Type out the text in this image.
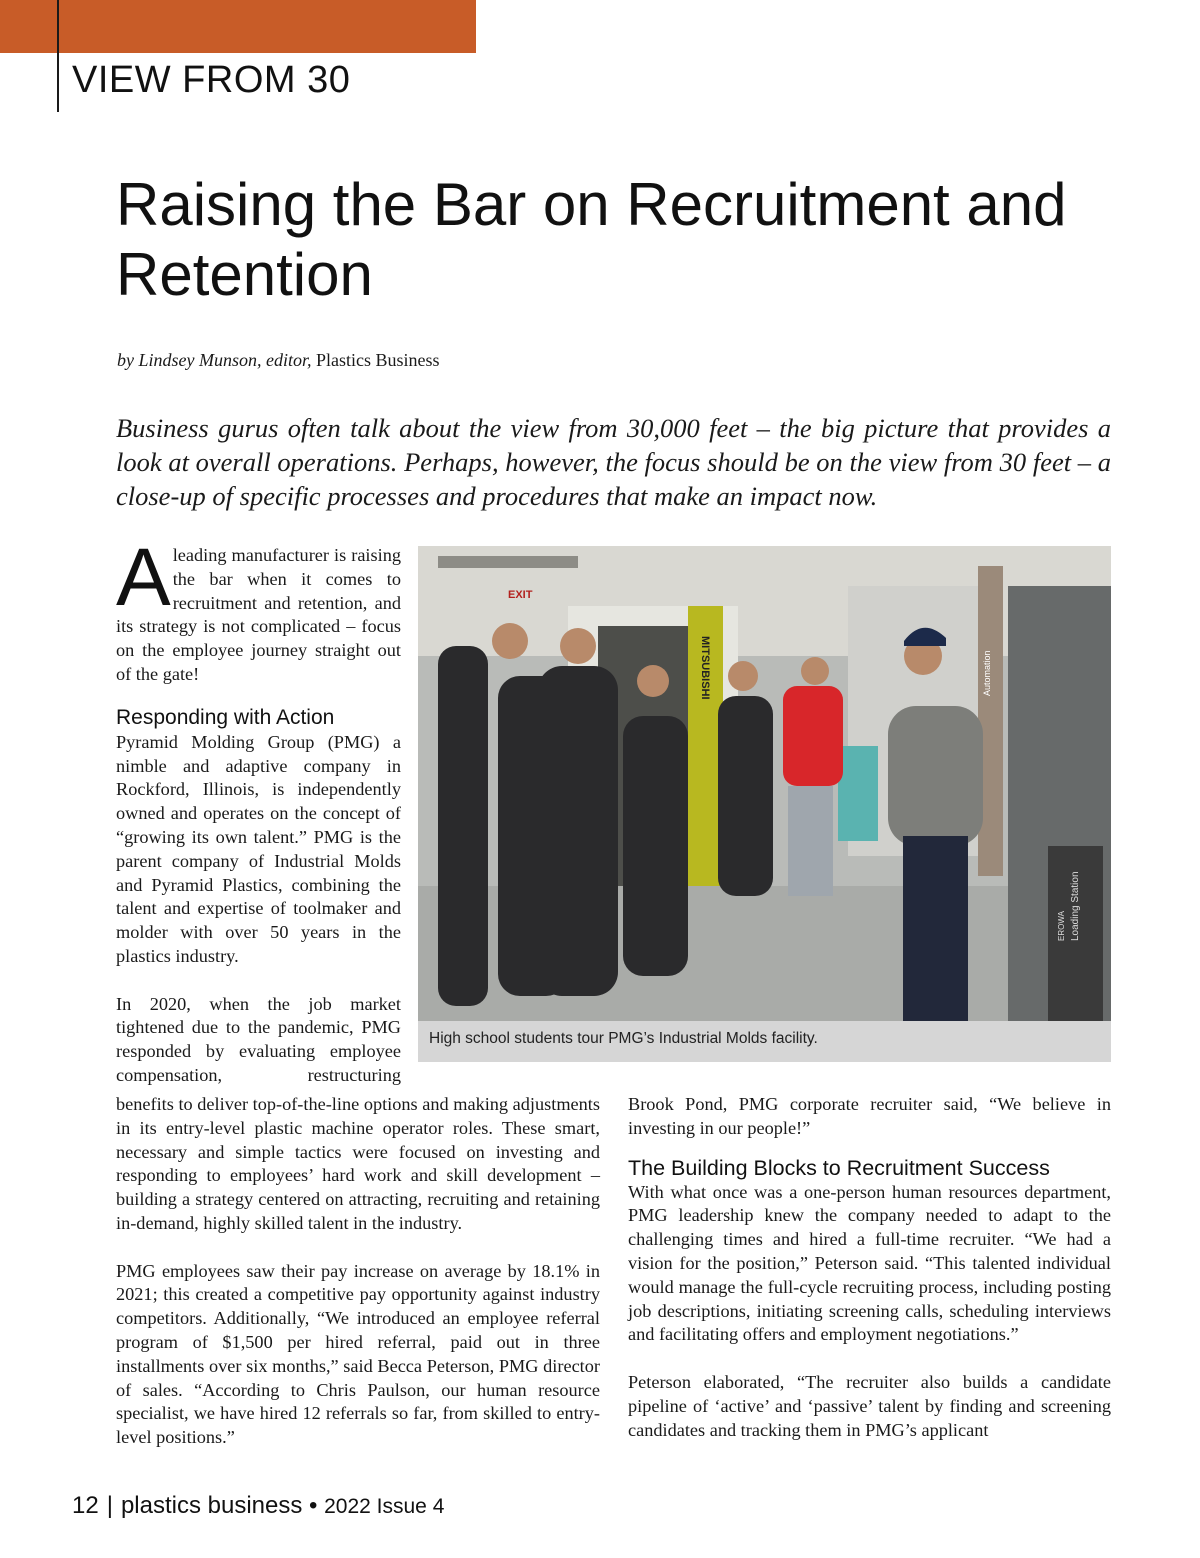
VIEW FROM 30
Raising the Bar on Recruitment and Retention

by Lindsey Munson, editor, Plastics Business

Business gurus often talk about the view from 30,000 feet – the big picture that provides a look at overall operations. Perhaps, however, the focus should be on the view from 30 feet – a close-up of specific processes and procedures that make an impact now.

Aleading manufacturer is raising the bar when it comes to recruitment and retention, and its strategy is not complicated – focus on the employee journey straight out of the gate!

Responding with Action

Pyramid Molding Group (PMG) a nimble and adaptive company in Rockford, Illinois, is independently owned and operates on the concept of “growing its own talent.” PMG is the parent company of Industrial Molds and Pyramid Plastics, combining the talent and expertise of toolmaker and molder with over 50 years in the plastics industry.

In 2020, when the job market tightened due to the pandemic, PMG responded by evaluating employee compensation, restructuring

EXIT
MITSUBISHI	Automation
EROWA Loading Station

High school students tour PMG’s Industrial Molds facility.

benefits to deliver top-of-the-line options and making adjustments in its entry-level plastic machine operator roles. These smart, necessary and simple tactics were focused on investing and responding to employees’ hard work and skill development – building a strategy centered on attracting, recruiting and retaining in-demand, highly skilled talent in the industry.

PMG employees saw their pay increase on average by 18.1% in 2021; this created a competitive pay opportunity against industry competitors. Additionally, “We introduced an employee referral program of $1,500 per hired referral, paid out in three installments over six months,” said Becca Peterson, PMG director of sales. “According to Chris Paulson, our human resource specialist, we have hired 12 referrals so far, from skilled to entry-level positions.”

Brook Pond, PMG corporate recruiter said, “We believe in investing in our people!”

The Building Blocks to Recruitment Success

With what once was a one-person human resources department, PMG leadership knew the company needed to adapt to the challenging times and hired a full-time recruiter. “We had a vision for the position,” Peterson said. “This talented individual would manage the full-cycle recruiting process, including posting job descriptions, initiating screening calls, scheduling interviews and facilitating offers and employment negotiations.”

Peterson elaborated, “The recruiter also builds a candidate pipeline of ‘active’ and ‘passive’ talent by finding and screening candidates and tracking them in PMG’s applicant

12 | plastics business • 2022 Issue 4
